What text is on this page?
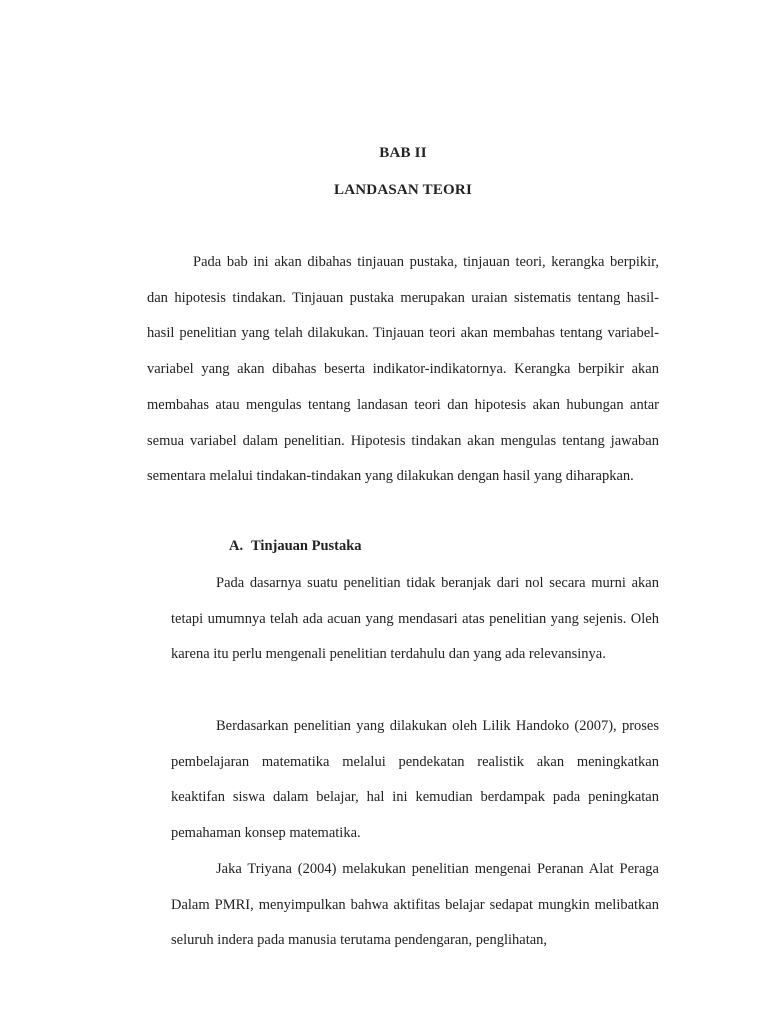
BAB II
LANDASAN TEORI

Pada bab ini akan dibahas tinjauan pustaka, tinjauan teori, kerangka berpikir, dan hipotesis tindakan. Tinjauan pustaka merupakan uraian sistematis tentang hasil-hasil penelitian yang telah dilakukan. Tinjauan teori akan membahas tentang variabel-variabel yang akan dibahas beserta indikator-indikatornya. Kerangka berpikir akan membahas atau mengulas tentang landasan teori dan hipotesis akan hubungan antar semua variabel dalam penelitian. Hipotesis tindakan akan mengulas tentang jawaban sementara melalui tindakan-tindakan yang dilakukan dengan hasil yang diharapkan.

A. Tinjauan Pustaka

Pada dasarnya suatu penelitian tidak beranjak dari nol secara murni akan tetapi umumnya telah ada acuan yang mendasari atas penelitian yang sejenis. Oleh karena itu perlu mengenali penelitian terdahulu dan yang ada relevansinya.

Berdasarkan penelitian yang dilakukan oleh Lilik Handoko (2007), proses pembelajaran matematika melalui pendekatan realistik akan meningkatkan keaktifan siswa dalam belajar, hal ini kemudian berdampak pada peningkatan pemahaman konsep matematika.

Jaka Triyana (2004) melakukan penelitian mengenai Peranan Alat Peraga Dalam PMRI, menyimpulkan bahwa aktifitas belajar sedapat mungkin melibatkan seluruh indera pada manusia terutama pendengaran, penglihatan,
